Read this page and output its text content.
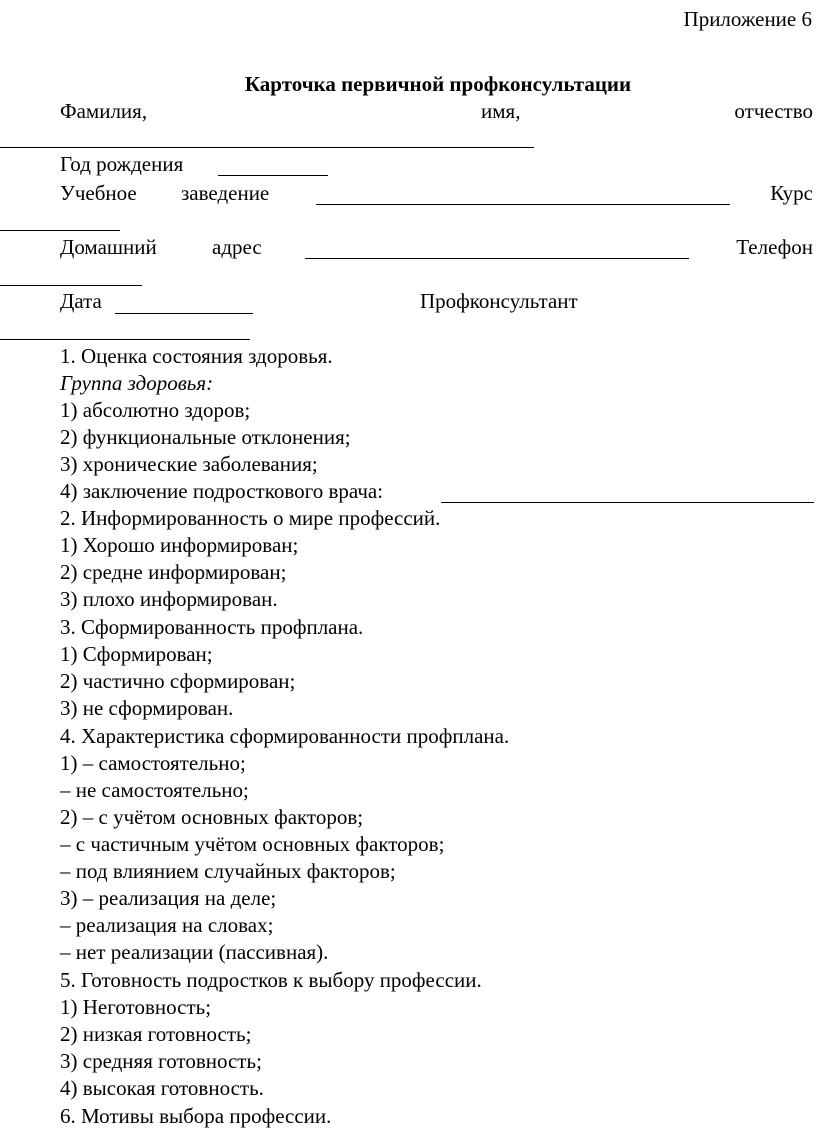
Приложение 6
Карточка первичной профконсультации
Фамилия,	имя,	отчество
Год рождения
Учебное заведение	Курс
Домашний	адрес	Телефон
Дата	Профконсультант
1. Оценка состояния здоровья.
Группа здоровья:
1) абсолютно здоров;
2) функциональные отклонения;
3) хронические заболевания;
4) заключение подросткового врача:
2. Информированность о мире профессий.
1) Хорошо информирован;
2) средне информирован;
3) плохо информирован.
3. Сформированность профплана.
1) Сформирован;
2) частично сформирован;
3) не сформирован.
4. Характеристика сформированности профплана.
1) – самостоятельно;
– не самостоятельно;
2) – с учётом основных факторов;
– с частичным учётом основных факторов;
– под влиянием случайных факторов;
3) – реализация на деле;
– реализация на словах;
– нет реализации (пассивная).
5. Готовность подростков к выбору профессии.
1) Неготовность;
2) низкая готовность;
3) средняя готовность;
4) высокая готовность.
6. Мотивы выбора профессии.
